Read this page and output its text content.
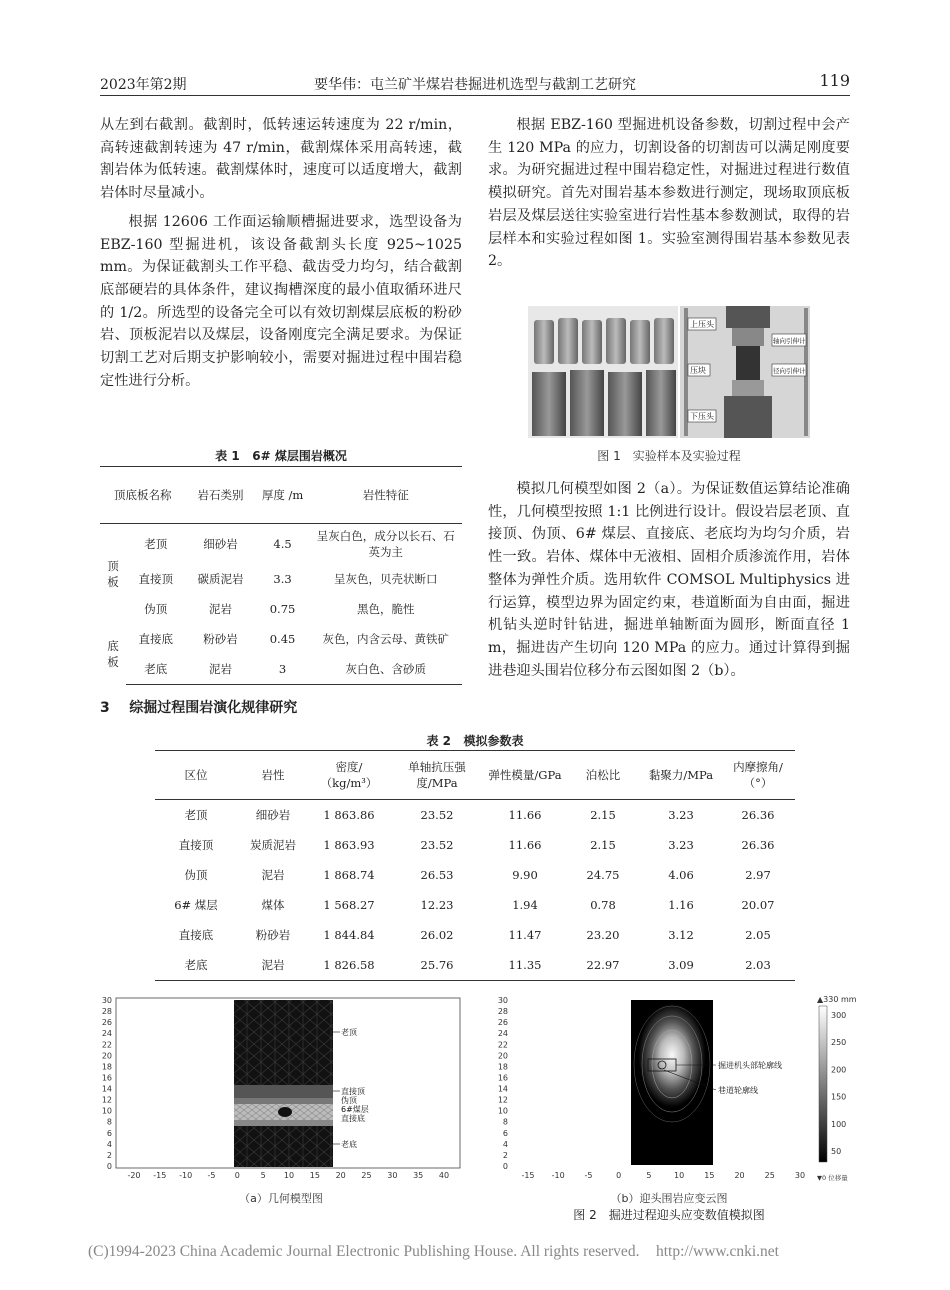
2023年第2期	要华伟：屯兰矿半煤岩巷掘进机选型与截割工艺研究	119

从左到右截割。截割时，低转速运转速度为 22 r/min，高转速截割转速为 47 r/min，截割煤体采用高转速，截割岩体为低转速。截割煤体时，速度可以适度增大，截割岩体时尽量减小。

根据 12606 工作面运输顺槽掘进要求，选型设备为 EBZ-160 型掘进机，该设备截割头长度 925~1025 mm。为保证截割头工作平稳、截齿受力均匀，结合截割底部硬岩的具体条件，建议掏槽深度的最小值取循环进尺的 1/2。所选型的设备完全可以有效切割煤层底板的粉砂岩、顶板泥岩以及煤层，设备刚度完全满足要求。为保证切割工艺对后期支护影响较小，需要对掘进过程中围岩稳定性进行分析。

表 1 6# 煤层围岩概况
顶底板名称		岩石类别	厚度 /m	岩性特征
顶板	老顶	细砂岩	4.5	呈灰白色，成分以长石、石英为主
	直接顶	碳质泥岩	3.3	呈灰色，贝壳状断口
	伪顶	泥岩	0.75	黑色，脆性
底板	直接底	粉砂岩	0.45	灰色，内含云母、黄铁矿
	老底	泥岩	3	灰白色、含砂质
3 综掘过程围岩演化规律研究

根据 EBZ-160 型掘进机设备参数，切割过程中会产生 120 MPa 的应力，切割设备的切割齿可以满足刚度要求。为研究掘进过程中围岩稳定性，对掘进过程进行数值模拟研究。首先对围岩基本参数进行测定，现场取顶底板岩层及煤层送往实验室进行岩性基本参数测试，取得的岩层样本和实验过程如图 1。实验室测得围岩基本参数见表 2。

上压头
压块
下压头
轴向引伸计
径向引伸计
图 1　实验样本及实验过程

模拟几何模型如图 2（a）。为保证数值运算结论准确性，几何模型按照 1:1 比例进行设计。假设岩层老顶、直接顶、伪顶、6# 煤层、直接底、老底均为均匀介质，岩性一致。岩体、煤体中无液相、固相介质渗流作用，岩体整体为弹性介质。选用软件 COMSOL Multiphysics 进行运算，模型边界为固定约束，巷道断面为自由面，掘进机钻头逆时针钻进，掘进单轴断面为圆形，断面直径 1 m，掘进齿产生切向 120 MPa 的应力。通过计算得到掘进巷迎头围岩位移分布云图如图 2（b）。

表 2 模拟参数表
区位	岩性	密度/（kg/m³）	单轴抗压强度/MPa	弹性模量/GPa	泊松比	黏聚力/MPa	内摩擦角/（°）
老顶	细砂岩	1 863.86	23.52	11.66	2.15	3.23	26.36
直接顶	炭质泥岩	1 863.93	23.52	11.66	2.15	3.23	26.36
伪顶	泥岩	1 868.74	26.53	9.90	24.75	4.06	2.97
6# 煤层	煤体	1 568.27	12.23	1.94	0.78	1.16	20.07
直接底	粉砂岩	1 844.84	26.02	11.47	23.20	3.12	2.05
老底	泥岩	1 826.58	25.76	11.35	22.97	3.09	2.03
30
28
26
24
22
20
18
16
14
12
10
8
6
4
2
0
-20 -15 -10 -5 0	5 10 15 20 25 30 35 40
老顶
直接顶
伪顶
6#煤层
直接底
老底
（a）几何模型图
30
28
26
24
22
20
18
16
14
12
10
8
6
4
2
0
-15 -10 -5	0	5	10	15	20	25	30
掘进机头部轮廓线
巷道轮廓线
▲330 mm
▼0 位移量
300
250
200
150
100
50
（b）迎头围岩应变云图
图 2　掘进过程迎头应变数值模拟图
(C)1994-2023 China Academic Journal Electronic Publishing House. All rights reserved. http://www.cnki.net
